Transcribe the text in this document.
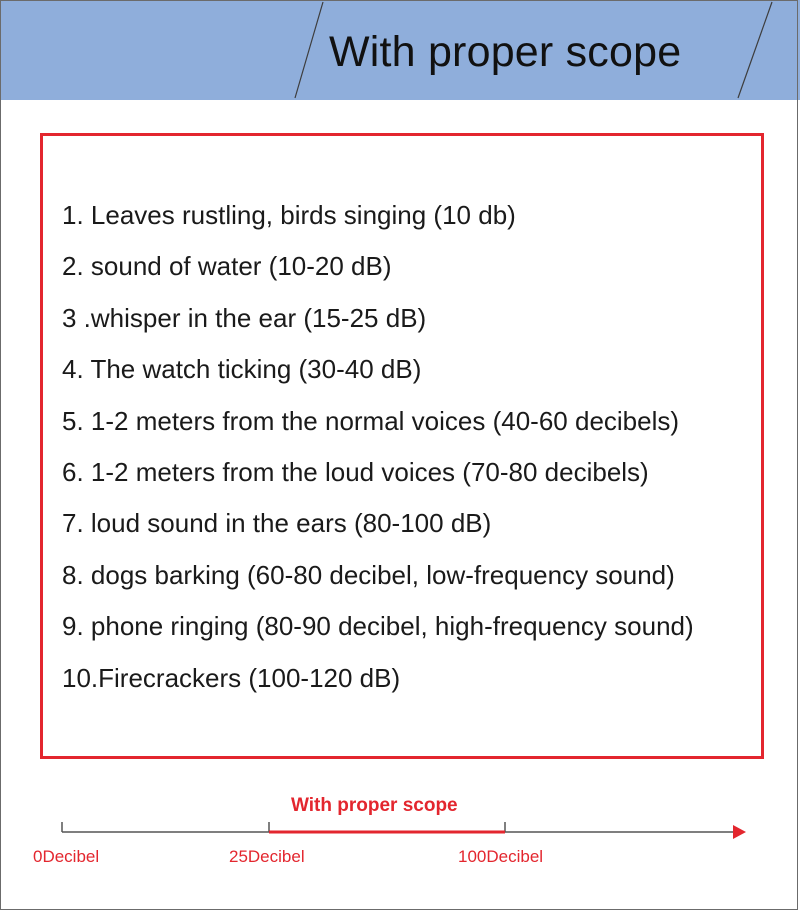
With proper scope
1. Leaves rustling, birds singing (10 db)
2. sound of water (10-20 dB)
3 .whisper in the ear (15-25 dB)
4. The watch ticking (30-40 dB)
5. 1-2 meters from the normal voices (40-60 decibels)
6. 1-2 meters from the loud voices (70-80 decibels)
7. loud sound in the ears (80-100 dB)
8. dogs barking (60-80 decibel, low-frequency sound)
9. phone ringing (80-90 decibel, high-frequency sound)
10.Firecrackers (100-120 dB)
With proper scope
0Decibel	25Decibel	100Decibel
